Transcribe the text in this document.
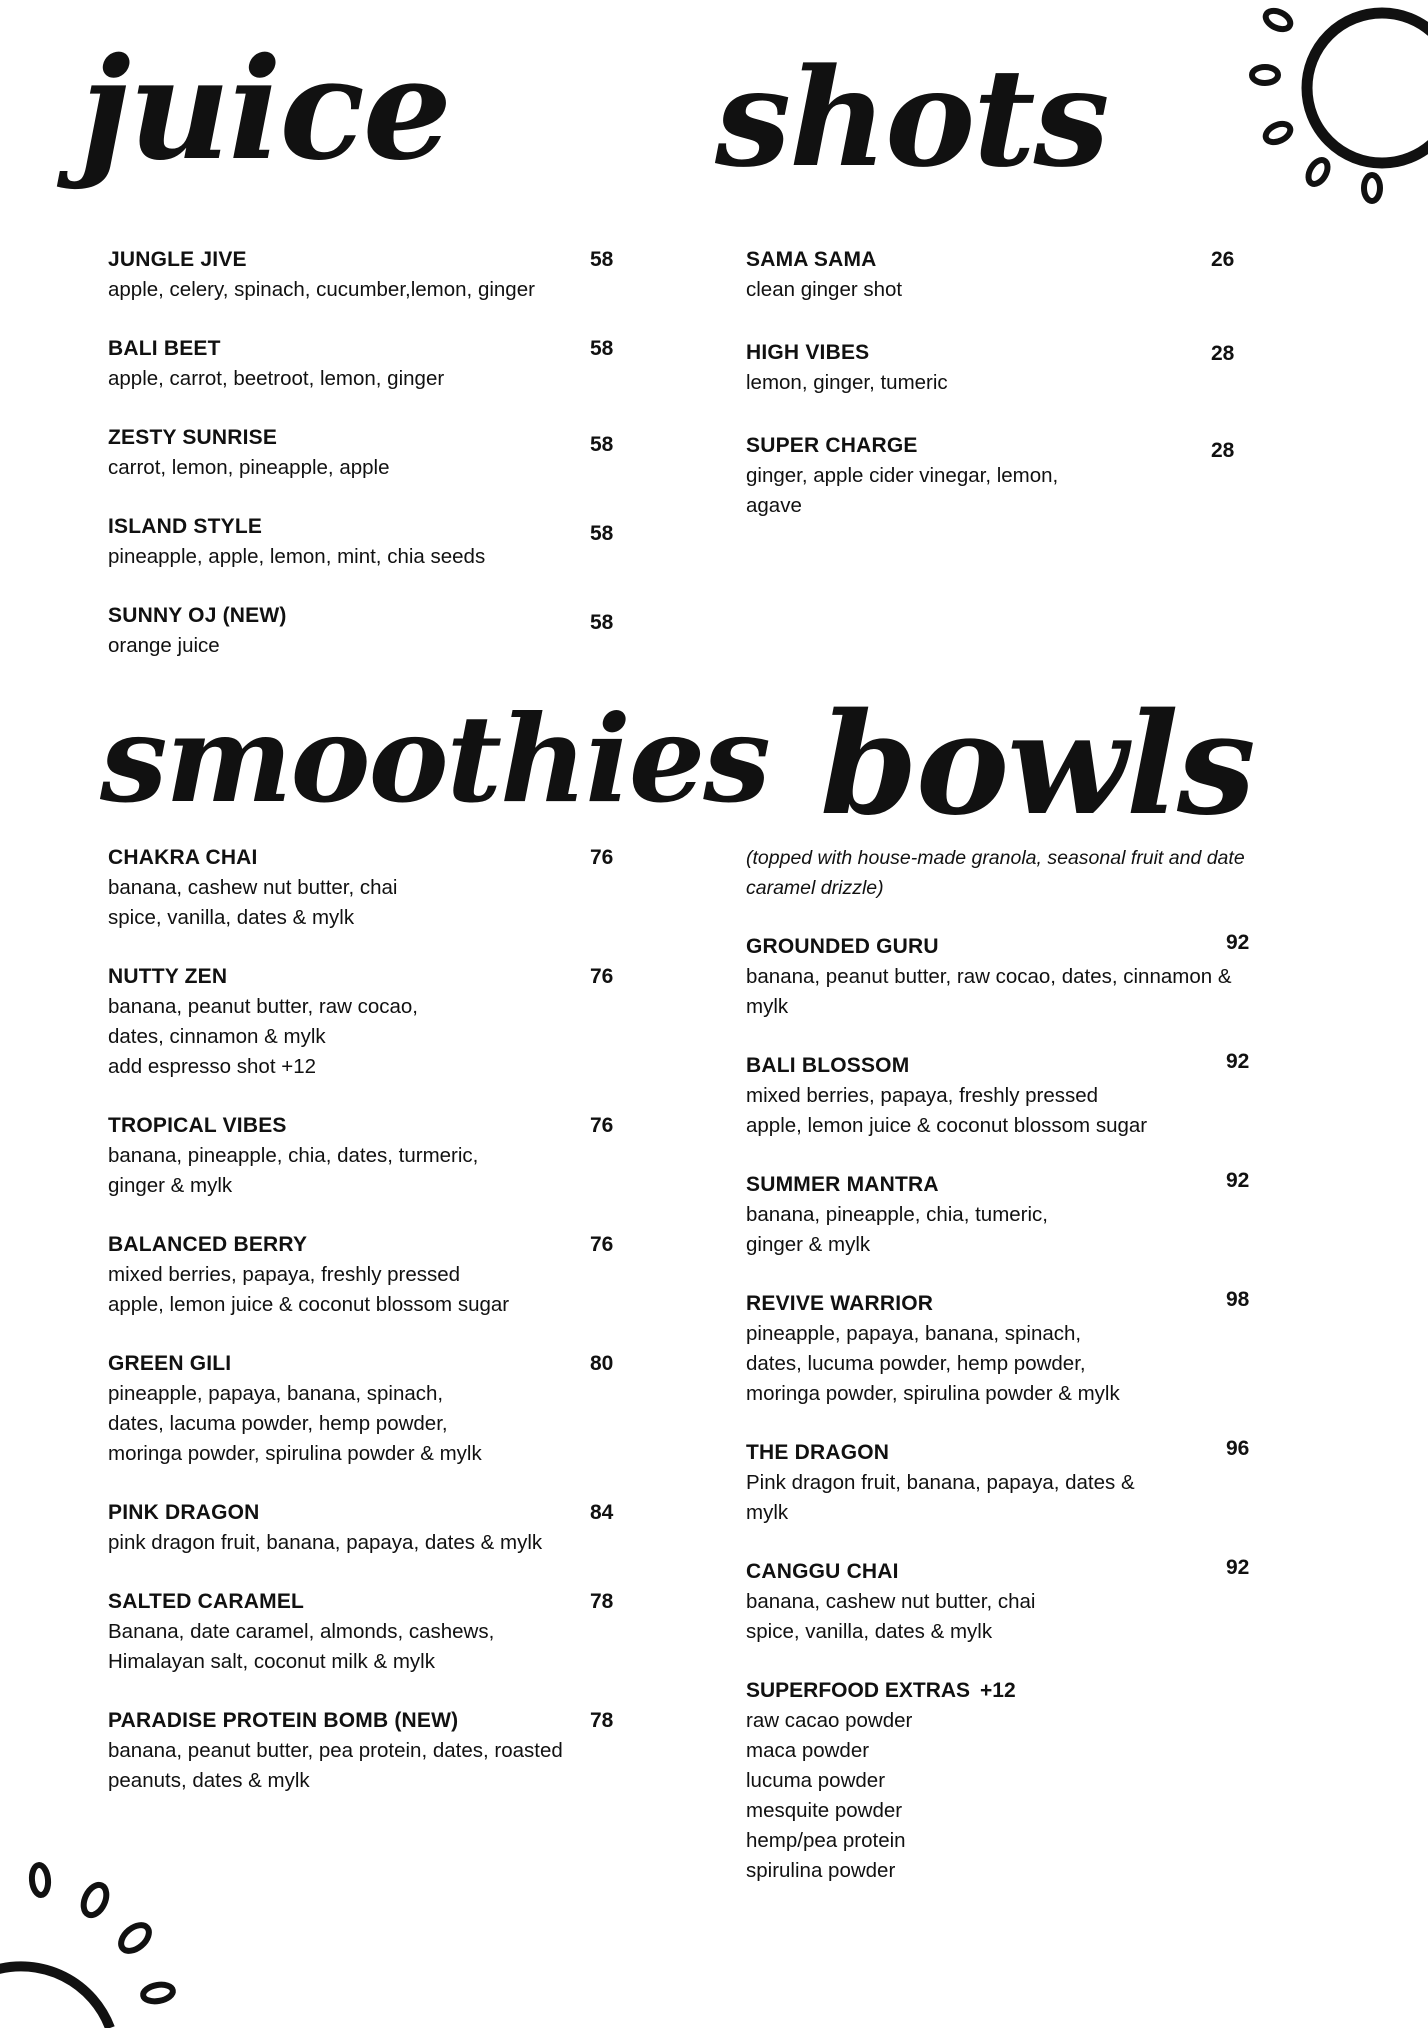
juice shots
smoothies bowls
JUNGLE JIVE
apple, celery, spinach, cucumber,lemon, ginger
58
BALI BEET
apple, carrot, beetroot, lemon, ginger
58
ZESTY SUNRISE
carrot, lemon, pineapple, apple
58
ISLAND STYLE
pineapple, apple, lemon, mint, chia seeds
58
SUNNY OJ (NEW)
orange juice
58
SAMA SAMA
clean ginger shot
26
HIGH VIBES
lemon, ginger, tumeric
28
SUPER CHARGE
ginger, apple cider vinegar, lemon,
agave
28
CHAKRA CHAI
banana, cashew nut butter, chai
spice, vanilla, dates & mylk
76
NUTTY ZEN
banana, peanut butter, raw cocao,
dates, cinnamon & mylk
add espresso shot +12
76
TROPICAL VIBES
banana, pineapple, chia, dates, turmeric,
ginger & mylk
76
BALANCED BERRY
mixed berries, papaya, freshly pressed
apple, lemon juice & coconut blossom sugar
76
GREEN GILI
pineapple, papaya, banana, spinach,
dates, lacuma powder, hemp powder,
moringa powder, spirulina powder & mylk
80
PINK DRAGON
pink dragon fruit, banana, papaya, dates & mylk
84
SALTED CARAMEL
Banana, date caramel, almonds, cashews,
Himalayan salt, coconut milk & mylk
78
PARADISE PROTEIN BOMB (NEW)
banana, peanut butter, pea protein, dates, roasted
peanuts, dates & mylk
78

(topped with house-made granola, seasonal fruit and date
caramel drizzle)

GROUNDED GURU
banana, peanut butter, raw cocao, dates, cinnamon &
mylk
92
BALI BLOSSOM
mixed berries, papaya, freshly pressed
apple, lemon juice & coconut blossom sugar
92
SUMMER MANTRA
banana, pineapple, chia, tumeric,
ginger & mylk
92
REVIVE WARRIOR
pineapple, papaya, banana, spinach,
dates, lucuma powder, hemp powder,
moringa powder, spirulina powder & mylk
98
THE DRAGON
Pink dragon fruit, banana, papaya, dates &
mylk
96
CANGGU CHAI
banana, cashew nut butter, chai
spice, vanilla, dates & mylk
92
SUPERFOOD EXTRAS +12
raw cacao powder
maca powder
lucuma powder
mesquite powder
hemp/pea protein
spirulina powder
